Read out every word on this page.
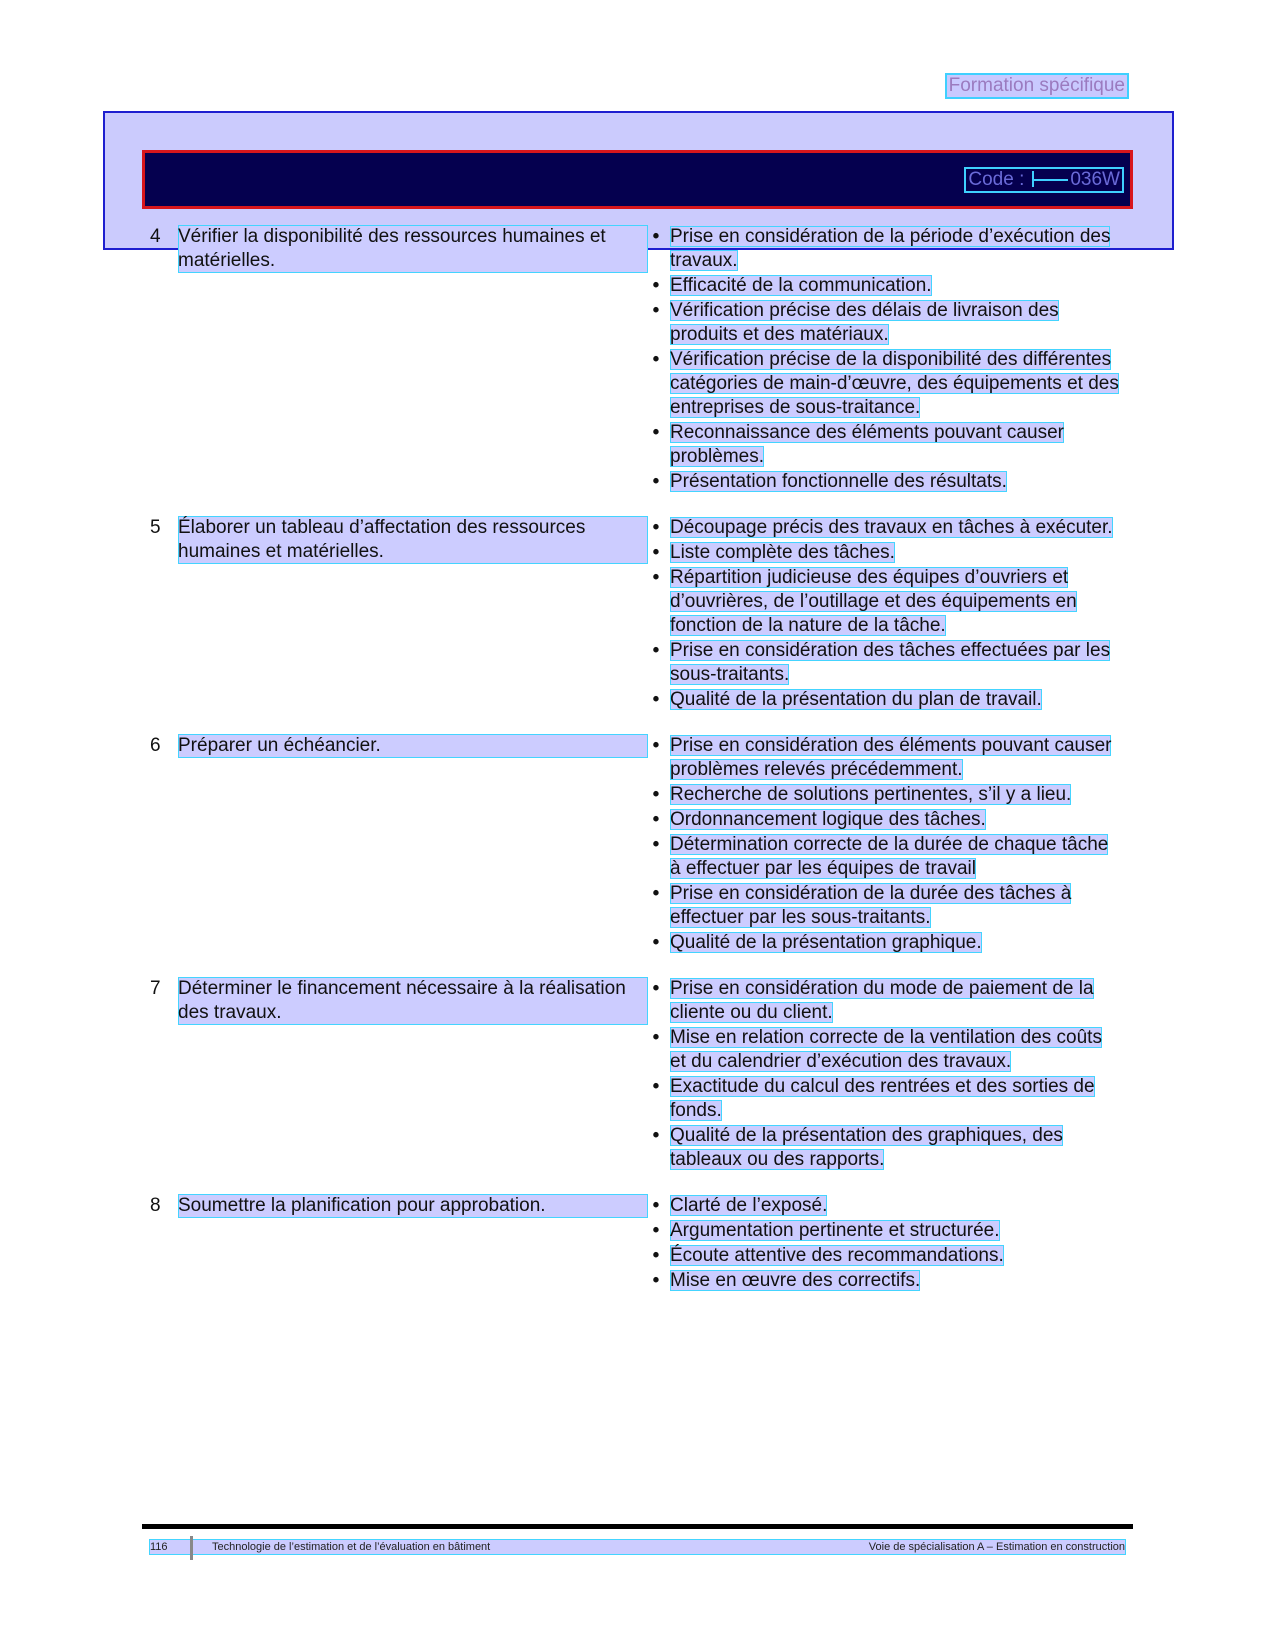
Formation spécifique
Code : 036W
4 Vérifier la disponibilité des ressources humaines et matérielles.
• Prise en considération de la période d’exécution des travaux.
• Efficacité de la communication.
• Vérification précise des délais de livraison des produits et des matériaux.
• Vérification précise de la disponibilité des différentes catégories de main-d’œuvre, des équipements et des entreprises de sous-traitance.
• Reconnaissance des éléments pouvant causer problèmes.
• Présentation fonctionnelle des résultats.
5 Élaborer un tableau d’affectation des ressources humaines et matérielles.
• Découpage précis des travaux en tâches à exécuter.
• Liste complète des tâches.
• Répartition judicieuse des équipes d’ouvriers et d’ouvrières, de l’outillage et des équipements en fonction de la nature de la tâche.
• Prise en considération des tâches effectuées par les sous-traitants.
• Qualité de la présentation du plan de travail.
6 Préparer un échéancier.	• Prise en considération des éléments pouvant causer problèmes relevés précédemment.
• Recherche de solutions pertinentes, s’il y a lieu.
• Ordonnancement logique des tâches.
• Détermination correcte de la durée de chaque tâche à effectuer par les équipes de travail
• Prise en considération de la durée des tâches à effectuer par les sous-traitants.
• Qualité de la présentation graphique.
7 Déterminer le financement nécessaire à la réalisation des travaux.
• Prise en considération du mode de paiement de la cliente ou du client.
• Mise en relation correcte de la ventilation des coûts et du calendrier d’exécution des travaux.
• Exactitude du calcul des rentrées et des sorties de fonds.
• Qualité de la présentation des graphiques, des tableaux ou des rapports.
8 Soumettre la planification pour approbation.	• Clarté de l’exposé.
• Argumentation pertinente et structurée.
• Écoute attentive des recommandations.
• Mise en œuvre des correctifs.
116	Technologie de l’estimation et de l’évaluation en bâtiment	Voie de spécialisation A – Estimation en construction
